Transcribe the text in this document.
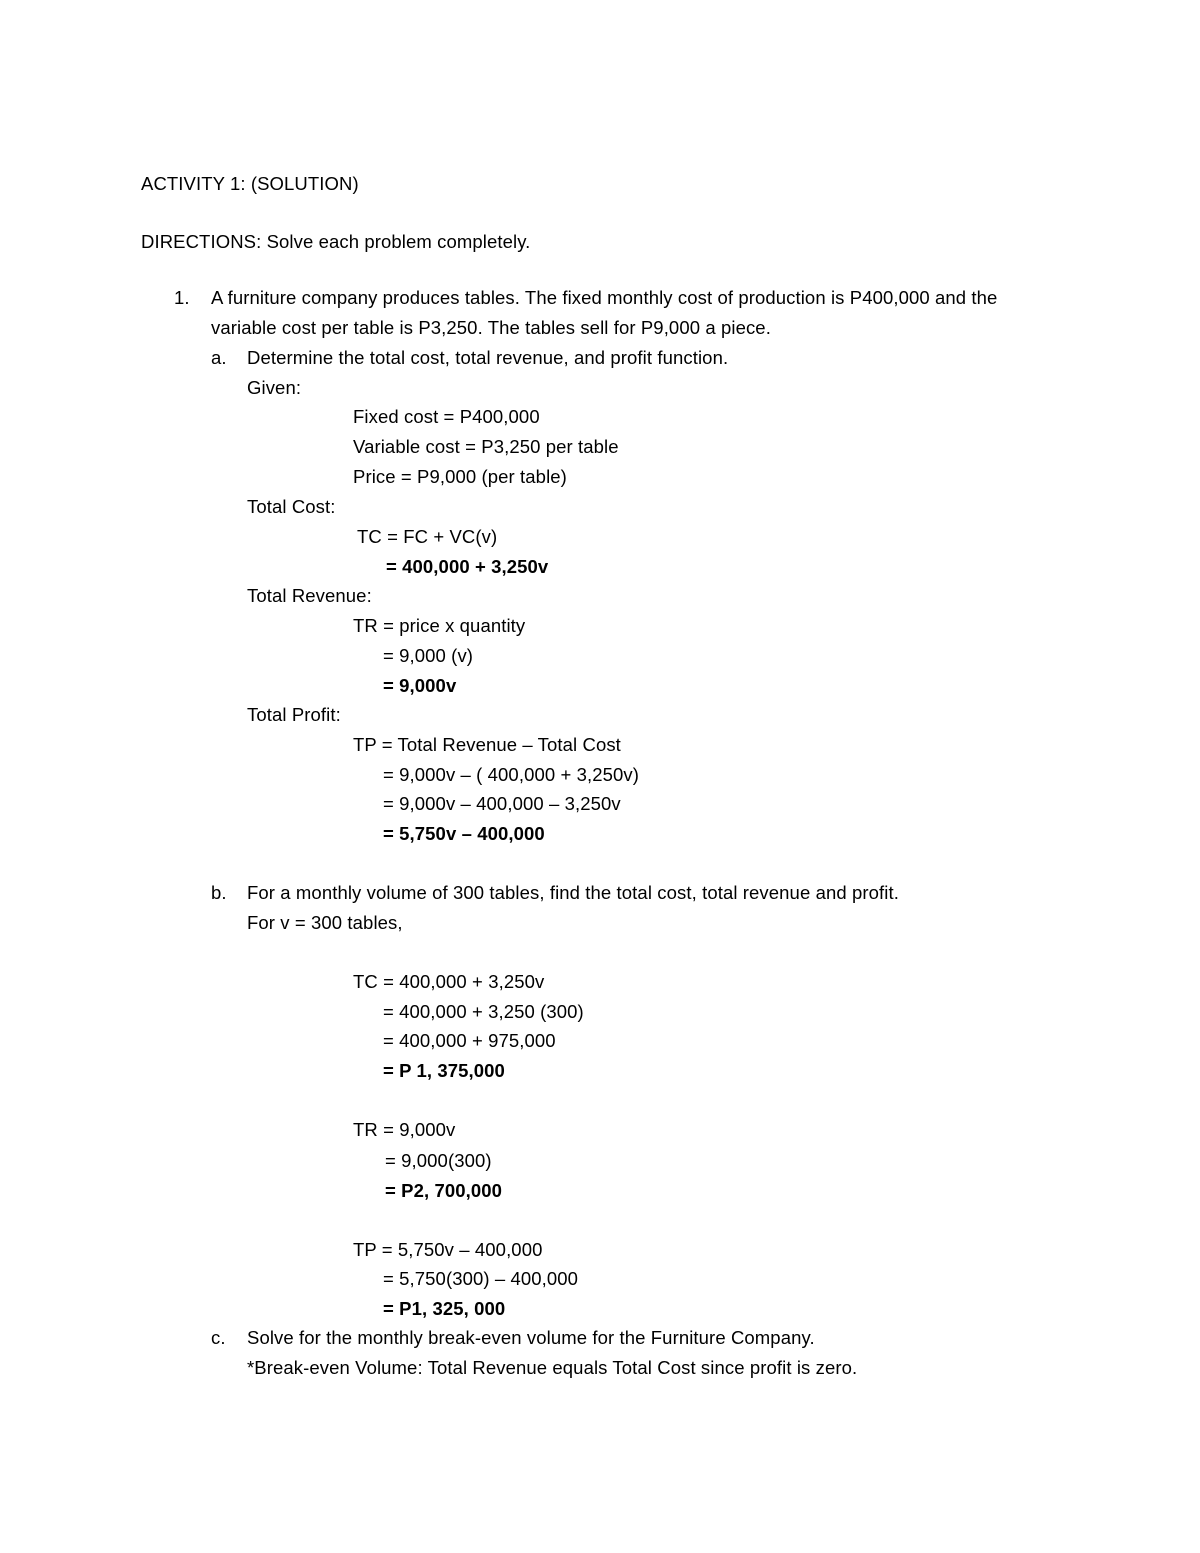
ACTIVITY 1: (SOLUTION)
DIRECTIONS: Solve each problem completely.
1. A furniture company produces tables. The fixed monthly cost of production is P400,000 and the
variable cost per table is P3,250. The tables sell for P9,000 a piece.
a. Determine the total cost, total revenue, and profit function.
Given:
Fixed cost = P400,000
Variable cost = P3,250 per table
Price = P9,000 (per table)
Total Cost:
TC = FC + VC(v)
= 400,000 + 3,250v
Total Revenue:
TR = price x quantity
= 9,000 (v)
= 9,000v
Total Profit:
TP = Total Revenue – Total Cost
= 9,000v – ( 400,000 + 3,250v)
= 9,000v – 400,000 – 3,250v
= 5,750v – 400,000
b. For a monthly volume of 300 tables, find the total cost, total revenue and profit.
For v = 300 tables,
TC = 400,000 + 3,250v
= 400,000 + 3,250 (300)
= 400,000 + 975,000
= P 1, 375,000
TR = 9,000v
= 9,000(300)
= P2, 700,000
TP = 5,750v – 400,000
= 5,750(300) – 400,000
= P1, 325, 000
c. Solve for the monthly break-even volume for the Furniture Company.
*Break-even Volume: Total Revenue equals Total Cost since profit is zero.
